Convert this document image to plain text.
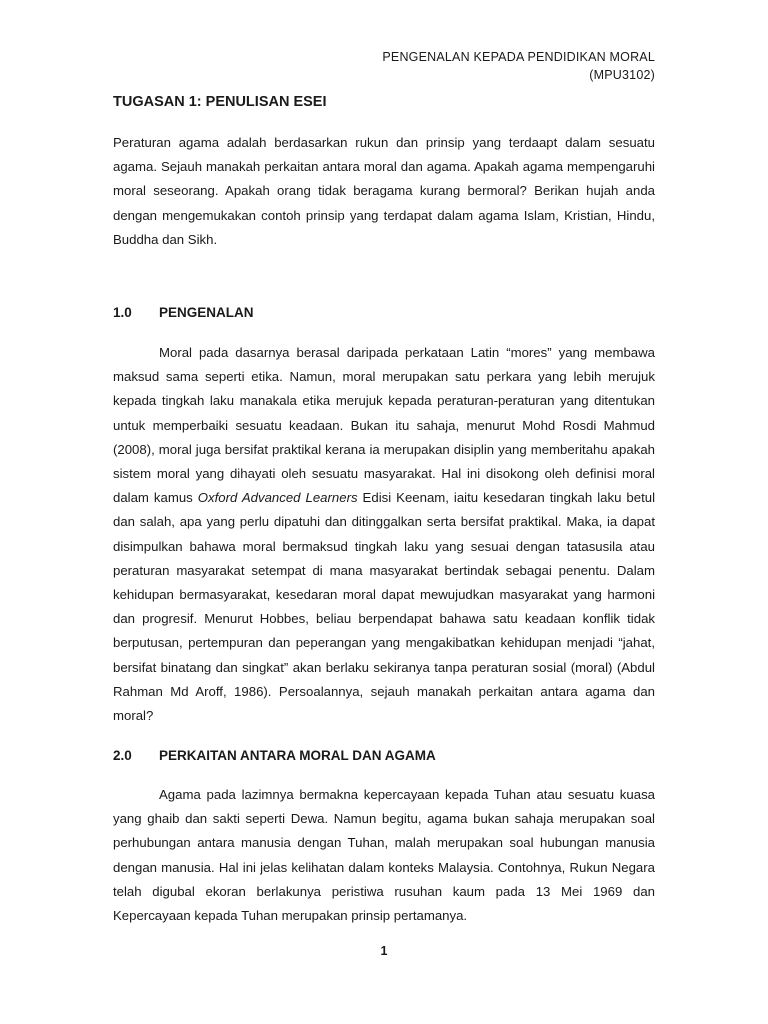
PENGENALAN KEPADA PENDIDIKAN MORAL
(MPU3102)
TUGASAN 1: PENULISAN ESEI

Peraturan agama adalah berdasarkan rukun dan prinsip yang terdaapt dalam sesuatu agama. Sejauh manakah perkaitan antara moral dan agama. Apakah agama mempengaruhi moral seseorang. Apakah orang tidak beragama kurang bermoral? Berikan hujah anda dengan mengemukakan contoh prinsip yang terdapat dalam agama Islam, Kristian, Hindu, Buddha dan Sikh.

1.0	PENGENALAN

Moral pada dasarnya berasal daripada perkataan Latin “mores” yang membawa maksud sama seperti etika. Namun, moral merupakan satu perkara yang lebih merujuk kepada tingkah laku manakala etika merujuk kepada peraturan-peraturan yang ditentukan untuk memperbaiki sesuatu keadaan. Bukan itu sahaja, menurut Mohd Rosdi Mahmud (2008), moral juga bersifat praktikal kerana ia merupakan disiplin yang memberitahu apakah sistem moral yang dihayati oleh sesuatu masyarakat. Hal ini disokong oleh definisi moral dalam kamus Oxford Advanced Learners Edisi Keenam, iaitu kesedaran tingkah laku betul dan salah, apa yang perlu dipatuhi dan ditinggalkan serta bersifat praktikal. Maka, ia dapat disimpulkan bahawa moral bermaksud tingkah laku yang sesuai dengan tatasusila atau peraturan masyarakat setempat di mana masyarakat bertindak sebagai penentu. Dalam kehidupan bermasyarakat, kesedaran moral dapat mewujudkan masyarakat yang harmoni dan progresif. Menurut Hobbes, beliau berpendapat bahawa satu keadaan konflik tidak berputusan, pertempuran dan peperangan yang mengakibatkan kehidupan menjadi “jahat, bersifat binatang dan singkat” akan berlaku sekiranya tanpa peraturan sosial (moral) (Abdul Rahman Md Aroff, 1986). Persoalannya, sejauh manakah perkaitan antara agama dan moral?

2.0	PERKAITAN ANTARA MORAL DAN AGAMA

Agama pada lazimnya bermakna kepercayaan kepada Tuhan atau sesuatu kuasa yang ghaib dan sakti seperti Dewa. Namun begitu, agama bukan sahaja merupakan soal perhubungan antara manusia dengan Tuhan, malah merupakan soal hubungan manusia dengan manusia. Hal ini jelas kelihatan dalam konteks Malaysia. Contohnya, Rukun Negara telah digubal ekoran berlakunya peristiwa rusuhan kaum pada 13 Mei 1969 dan Kepercayaan kepada Tuhan merupakan prinsip pertamanya.

1
